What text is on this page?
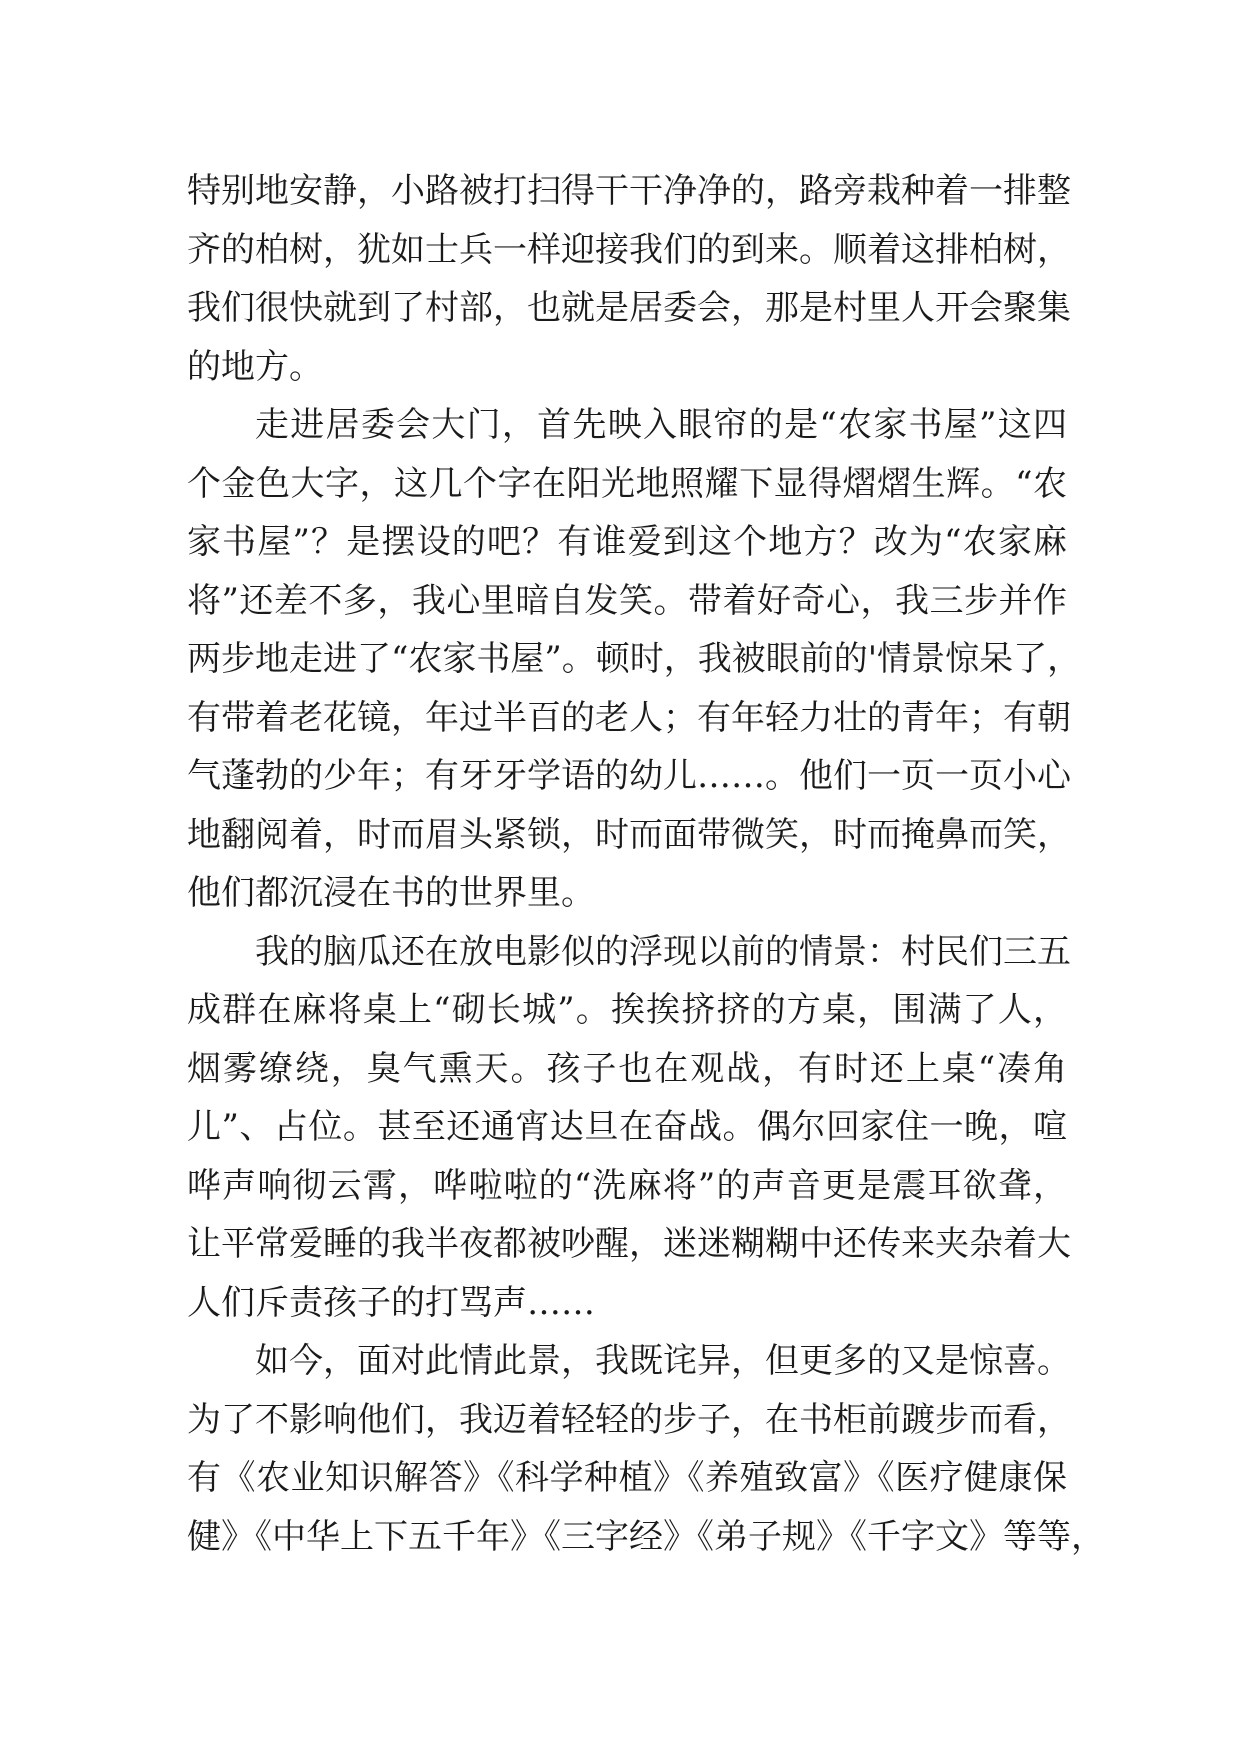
特别地安静，小路被打扫得干干净净的，路旁栽种着一排整
齐的柏树，犹如士兵一样迎接我们的到来。顺着这排柏树，
我们很快就到了村部，也就是居委会，那是村里人开会聚集
的地方。
走进居委会大门，首先映入眼帘的是“农家书屋”这四
个金色大字，这几个字在阳光地照耀下显得熠熠生辉。“农
家书屋”？是摆设的吧？有谁爱到这个地方？改为“农家麻
将”还差不多，我心里暗自发笑。带着好奇心，我三步并作
两步地走进了“农家书屋”。顿时，我被眼前的'情景惊呆了，
有带着老花镜，年过半百的老人；有年轻力壮的青年；有朝
气蓬勃的少年；有牙牙学语的幼儿……。他们一页一页小心
地翻阅着，时而眉头紧锁，时而面带微笑，时而掩鼻而笑，
他们都沉浸在书的世界里。
我的脑瓜还在放电影似的浮现以前的情景：村民们三五
成群在麻将桌上“砌长城”。挨挨挤挤的方桌，围满了人，
烟雾缭绕，臭气熏天。孩子也在观战，有时还上桌“凑角
儿”、占位。甚至还通宵达旦在奋战。偶尔回家住一晚，喧
哗声响彻云霄，哗啦啦的“洗麻将”的声音更是震耳欲聋，
让平常爱睡的我半夜都被吵醒，迷迷糊糊中还传来夹杂着大
人们斥责孩子的打骂声……
如今，面对此情此景，我既诧异，但更多的又是惊喜。
为了不影响他们，我迈着轻轻的步子，在书柜前踱步而看，
有《农业知识解答》《科学种植》《养殖致富》《医疗健康保
健》《中华上下五千年》《三字经》《弟子规》《千字文》等等，
